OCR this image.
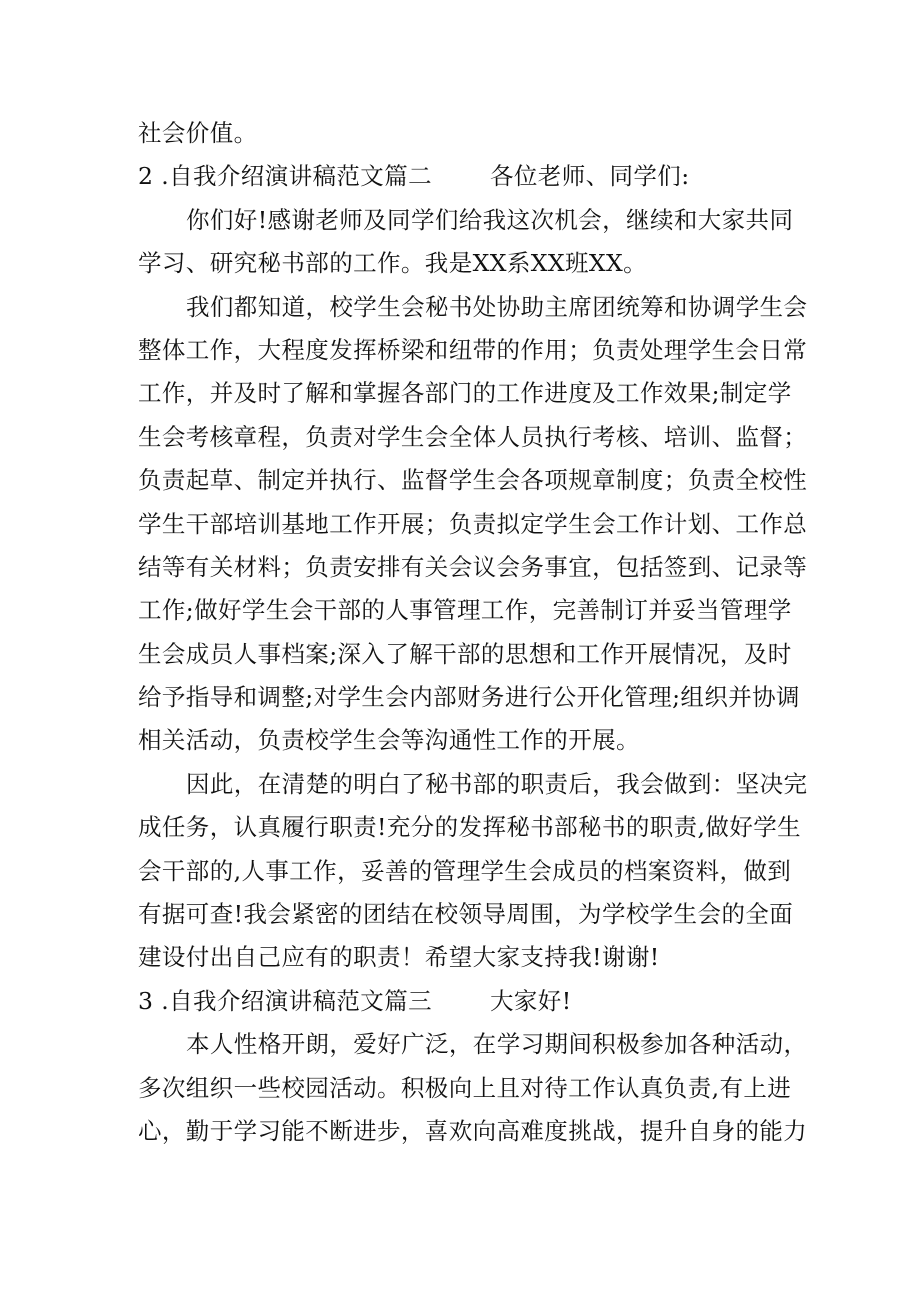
社会价值。
2 .自我介绍演讲稿范文篇二 各位老师、同学们:
你们好!感谢老师及同学们给我这次机会，继续和大家共同
学习、研究秘书部的工作。我是XX系XX班XX。
我们都知道，校学生会秘书处协助主席团统筹和协调学生会
整体工作，大程度发挥桥梁和纽带的作用；负责处理学生会日常
工作，并及时了解和掌握各部门的工作进度及工作效果;制定学
生会考核章程，负责对学生会全体人员执行考核、培训、监督；
负责起草、制定并执行、监督学生会各项规章制度；负责全校性
学生干部培训基地工作开展；负责拟定学生会工作计划、工作总
结等有关材料；负责安排有关会议会务事宜，包括签到、记录等
工作;做好学生会干部的人事管理工作，完善制订并妥当管理学
生会成员人事档案;深入了解干部的思想和工作开展情况，及时
给予指导和调整;对学生会内部财务进行公开化管理;组织并协调
相关活动，负责校学生会等沟通性工作的开展。
因此，在清楚的明白了秘书部的职责后，我会做到：坚决完
成任务，认真履行职责!充分的发挥秘书部秘书的职责,做好学生
会干部的,人事工作，妥善的管理学生会成员的档案资料，做到
有据可查!我会紧密的团结在校领导周围，为学校学生会的全面
建设付出自己应有的职责！希望大家支持我!谢谢!
3 .自我介绍演讲稿范文篇三 大家好!
本人性格开朗，爱好广泛，在学习期间积极参加各种活动，
多次组织一些校园活动。积极向上且对待工作认真负责,有上进
心，勤于学习能不断进步，喜欢向高难度挑战，提升自身的能力
